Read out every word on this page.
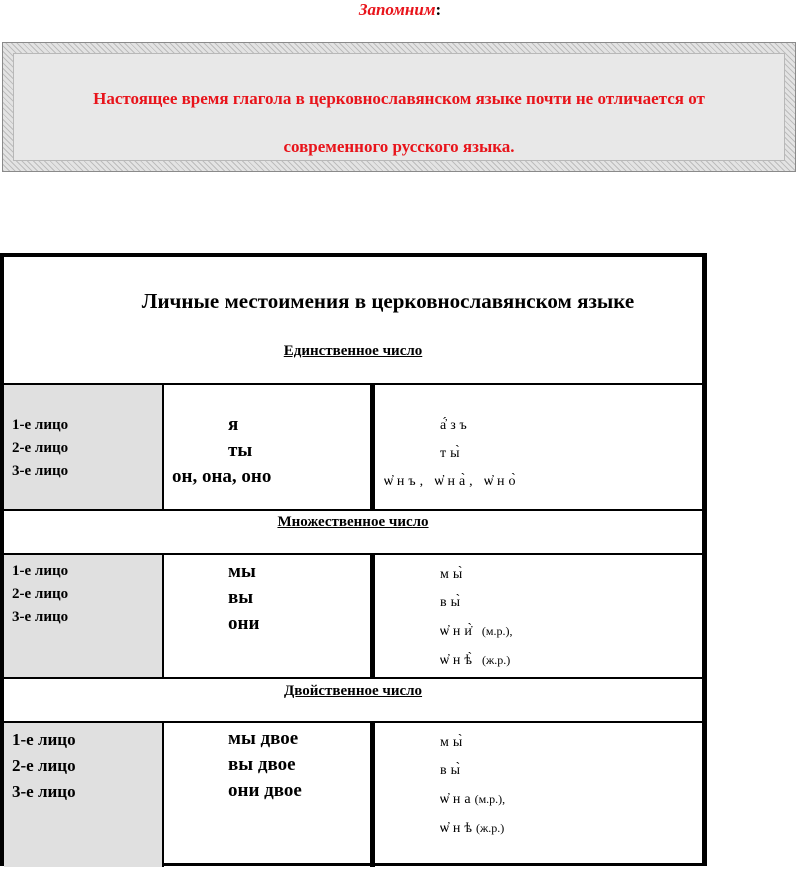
Запомним:
Настоящее время глагола в церковнославянском языке почти не отличается от
современного русского языка.
Личные местоимения в церковнославянском языке
Единственное число
1-е лицо
2-е лицо
3-е лицо
я
ты
он, она, оно
а҆́зъ
ты̀
ѡ҆нъ, ѡ҆на̀, ѡ҆но̀
Множественное число
1-е лицо
2-е лицо
3-е лицо
мы
вы
они
мы̀
вы̀
ѡ҆ни̇̀ (м.р.),
ѡ҆нѣ̀ (ж.р.)
Двойственное число
1-е лицо
2-е лицо
3-е лицо
мы двое
вы двое
они двое
мы̀
вы̀
ѡ҆на(м.р.),
ѡ҆нѣ(ж.р.)
